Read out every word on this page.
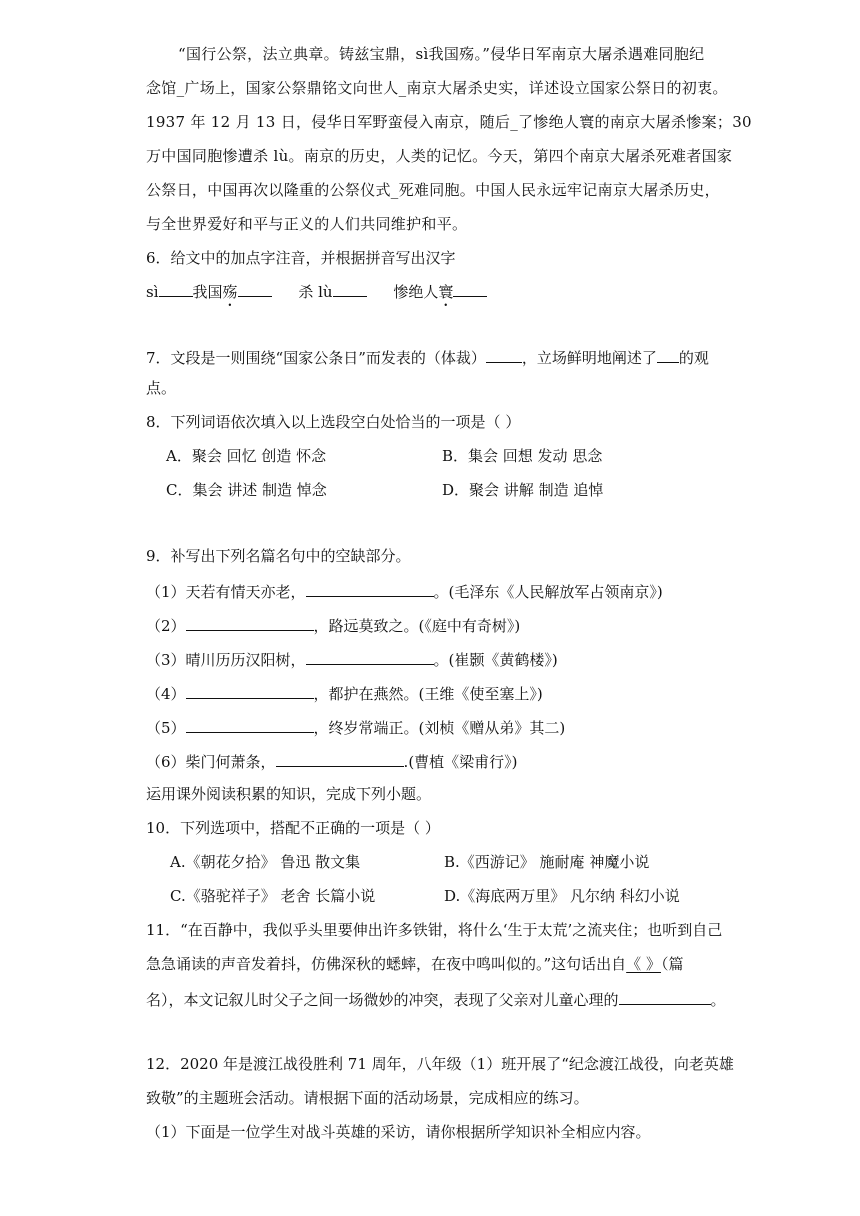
“国行公祭，法立典章。铸兹宝鼎，sì我国殇。”侵华日军南京大屠杀遇难同胞纪
念馆_广场上，国家公祭鼎铭文向世人_南京大屠杀史实，详述设立国家公祭日的初衷。
1937 年 12 月 13 日，侵华日军野蛮侵入南京，随后_了惨绝人寰的南京大屠杀惨案；30
万中国同胞惨遭杀 lù。南京的历史，人类的记忆。今天，第四个南京大屠杀死难者国家
公祭日，中国再次以隆重的公祭仪式_死难同胞。中国人民永远牢记南京大屠杀历史，
与全世界爱好和平与正义的人们共同维护和平。
6．给文中的加点字注音，并根据拼音写出汉字
sì 我国殇	杀 lù	惨绝人寰
7．文段是一则围绕“国家公条日”而发表的（体裁） ，立场鲜明地阐述了 的观
点。
8．下列词语依次填入以上选段空白处恰当的一项是（ ）
A．聚会 回忆 创造 怀念	B．集会 回想 发动 思念
C．集会 讲述 制造 悼念	D．聚会 讲解 制造 追悼
9．补写出下列名篇名句中的空缺部分。
（1）天若有情天亦老，	。(毛泽东《人民解放军占领南京》)
（2）	，路远莫致之。(《庭中有奇树》)
（3）晴川历历汉阳树，	。(崔颢《黄鹤楼》)
（4）	，都护在燕然。(王维《使至塞上》)
（5）	，终岁常端正。(刘桢《赠从弟》其二)
（6）柴门何萧条，	.(曹植《梁甫行》)
运用课外阅读积累的知识，完成下列小题。
10．下列选项中，搭配不正确的一项是（ ）
A.《朝花夕拾》 鲁迅 散文集	B.《西游记》 施耐庵 神魔小说
C.《骆驼祥子》 老舍 长篇小说	D.《海底两万里》 凡尔纳 科幻小说
11．“在百静中，我似乎头里要伸出许多铁钳，将什么‘生于太荒’之流夹住；也听到自己
急急诵读的声音发着抖，仿佛深秋的蟋蟀，在夜中鸣叫似的。”这句话出自《 》（篇
名），本文记叙儿时父子之间一场微妙的冲突，表现了父亲对儿童心理的	。
12．2020 年是渡江战役胜利 71 周年，八年级（1）班开展了“纪念渡江战役，向老英雄
致敬”的主题班会活动。请根据下面的活动场景，完成相应的练习。
（1）下面是一位学生对战斗英雄的采访，请你根据所学知识补全相应内容。
